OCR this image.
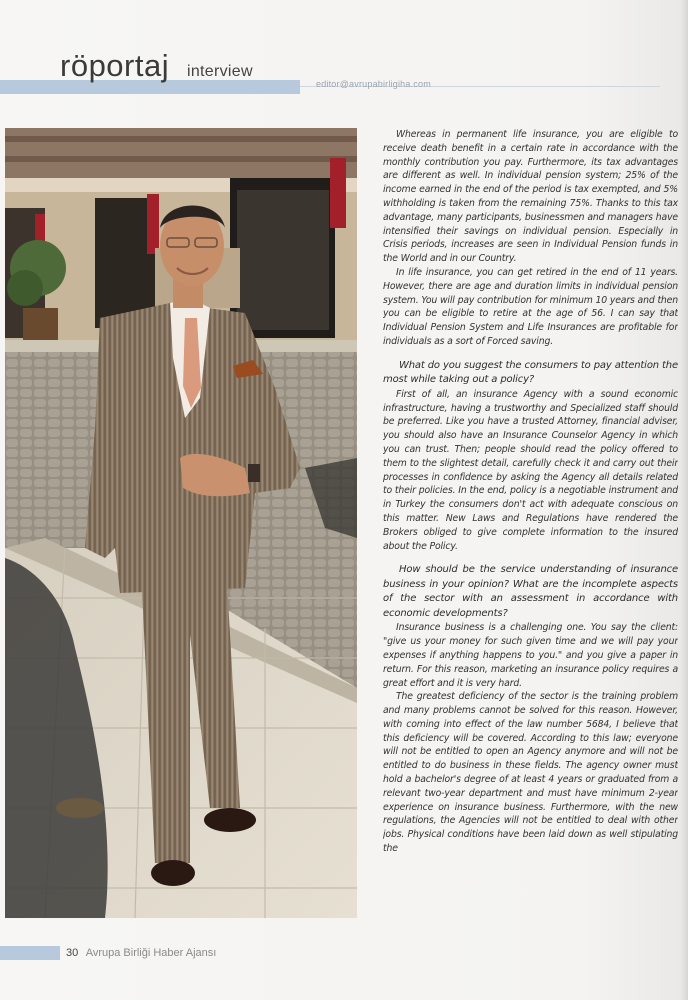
röportaj interview
editor@avrupabirligiha.com

Whereas in permanent life insurance, you are eligible to receive death benefit in a certain rate in accordance with the monthly contribution you pay. Furthermore, its tax advantages are different as well. In individual pension system; 25% of the income earned in the end of the period is tax exempted, and 5% withholding is taken from the remaining 75%. Thanks to this tax advantage, many participants, businessmen and managers have intensified their savings on individual pension. Especially in Crisis periods, increases are seen in Individual Pension funds in the World and in our Country.

In life insurance, you can get retired in the end of 11 years. However, there are age and duration limits in individual pension system. You will pay contribution for minimum 10 years and then you can be eligible to retire at the age of 56. I can say that Individual Pension System and Life Insurances are profitable for individuals as a sort of Forced saving.

What do you suggest the consumers to pay attention the most while taking out a policy?

First of all, an insurance Agency with a sound economic infrastructure, having a trustworthy and Specialized staff should be preferred. Like you have a trusted Attorney, financial adviser, you should also have an Insurance Counselor Agency in which you can trust. Then; people should read the policy offered to them to the slightest detail, carefully check it and carry out their processes in confidence by asking the Agency all details related to their policies. In the end, policy is a negotiable instrument and in Turkey the consumers don't act with adequate conscious on this matter. New Laws and Regulations have rendered the Brokers obliged to give complete information to the insured about the Policy.

How should be the service understanding of insurance business in your opinion? What are the incomplete aspects of the sector with an assessment in accordance with economic developments?

Insurance business is a challenging one. You say the client: "give us your money for such given time and we will pay your expenses if anything happens to you." and you give a paper in return. For this reason, marketing an insurance policy requires a great effort and it is very hard.

The greatest deficiency of the sector is the training problem and many problems cannot be solved for this reason. However, with coming into effect of the law number 5684, I believe that this deficiency will be covered. According to this law; everyone will not be entitled to open an Agency anymore and will not be entitled to do business in these fields. The agency owner must hold a bachelor's degree of at least 4 years or graduated from a relevant two-year department and must have minimum 2-year experience on insurance business. Furthermore, with the new regulations, the Agencies will not be entitled to deal with other jobs. Physical conditions have been laid down as well stipulating the

30 Avrupa Birliği Haber Ajansı
